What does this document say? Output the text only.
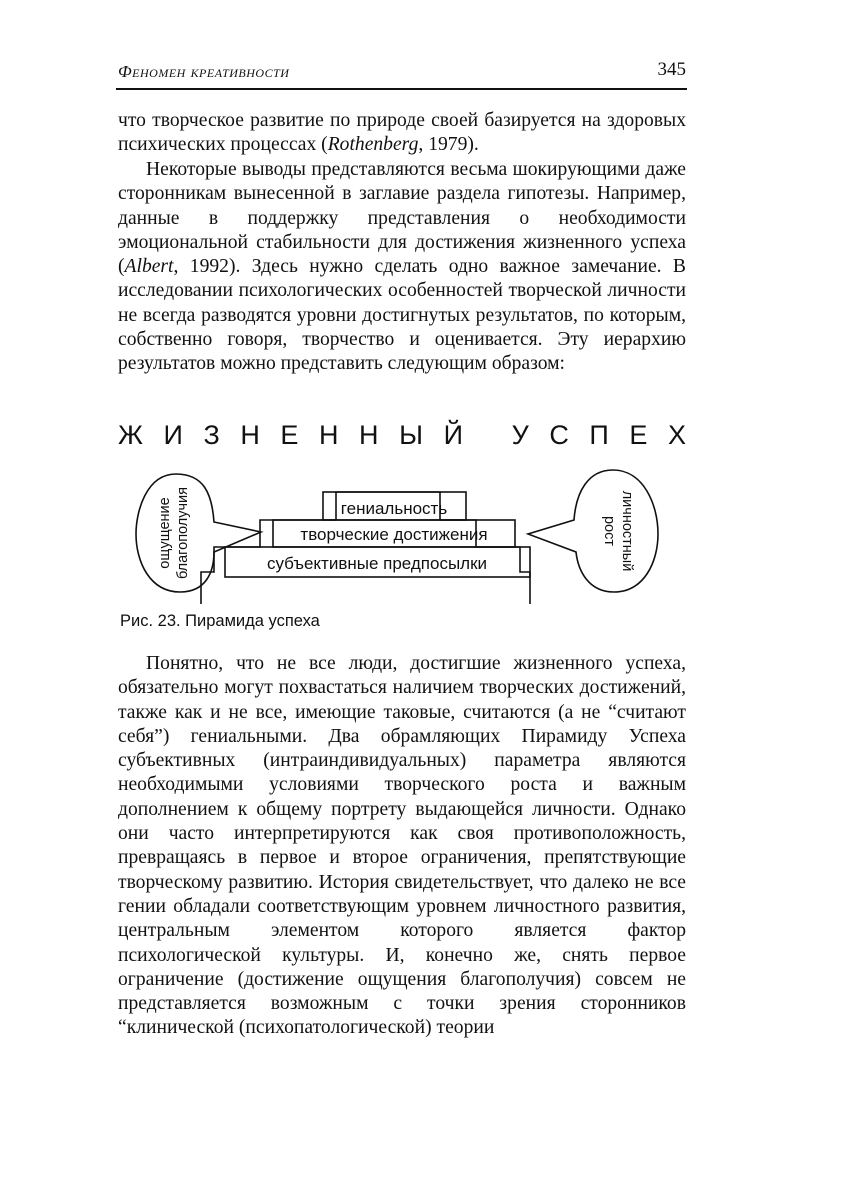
Феномен креативности	345

что творческое развитие по природе своей базируется на здоровых психических процессах (Rothenberg, 1979).

Некоторые выводы представляются весьма шокирующими даже сторонникам вынесенной в заглавие раздела гипотезы. Например, данные в поддержку представления о необходимости эмоциональной стабильности для достижения жизненного успеха (Albert, 1992). Здесь нужно сделать одно важное замечание. В исследовании психологических особенностей творческой личности не всегда разводятся уровни достигнутых результатов, по которым, собственно говоря, творчество и оценивается. Эту иерархию результатов можно представить следующим образом:

Ж И З Н Е Н Н Ы Й
У С П Е Х
гениальность
творческие достижения
субъективные предпосылки
ощущение благополучия	личностный
рост
Рис. 23. Пирамида успеха

Понятно, что не все люди, достигшие жизненного успеха, обязательно могут похвастаться наличием творческих достижений, также как и не все, имеющие таковые, считаются (а не “считают себя”) гениальными. Два обрамляющих Пирамиду Успеха субъективных (интраиндивидуальных) параметра являются необходимыми условиями творческого роста и важным дополнением к общему портрету выдающейся личности. Однако они часто интерпретируются как своя противоположность, превращаясь в первое и второе ограничения, препятствующие творческому развитию. История свидетельствует, что далеко не все гении обладали соответствующим уровнем личностного развития, центральным элементом которого является фактор психологической культуры. И, конечно же, снять первое ограничение (достижение ощущения благополучия) совсем не представляется возможным с точки зрения сторонников “клинической (психопатологической) теории
